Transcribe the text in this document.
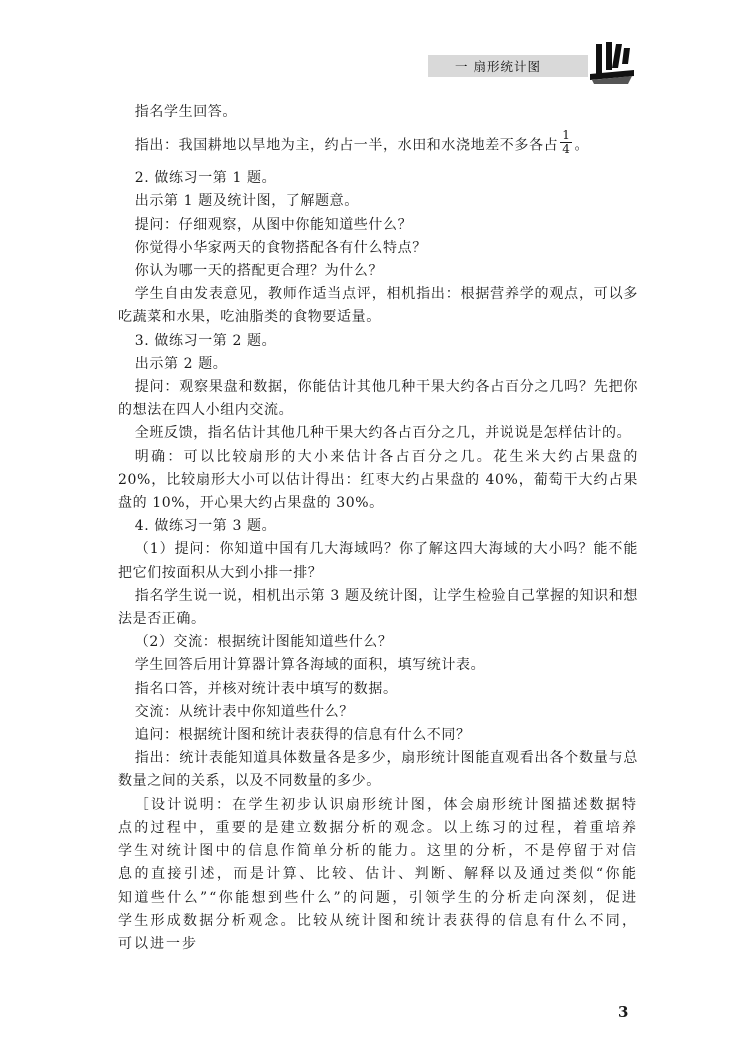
一 扇形统计图

指名学生回答。

指出：我国耕地以旱地为主，约占一半，水田和水浇地差不多各占 $\frac{1}{4}$ 。

2. 做练习一第 1 题。

出示第 1 题及统计图，了解题意。

提问：仔细观察，从图中你能知道些什么？

你觉得小华家两天的食物搭配各有什么特点？

你认为哪一天的搭配更合理？为什么？

学生自由发表意见，教师作适当点评，相机指出：根据营养学的观点，可以多吃蔬菜和水果，吃油脂类的食物要适量。

3. 做练习一第 2 题。

出示第 2 题。

提问：观察果盘和数据，你能估计其他几种干果大约各占百分之几吗？先把你的想法在四人小组内交流。

全班反馈，指名估计其他几种干果大约各占百分之几，并说说是怎样估计的。

明确：可以比较扇形的大小来估计各占百分之几。花生米大约占果盘的 20%，比较扇形大小可以估计得出：红枣大约占果盘的 40%，葡萄干大约占果盘的 10%，开心果大约占果盘的 30%。

4. 做练习一第 3 题。

（1）提问：你知道中国有几大海域吗？你了解这四大海域的大小吗？能不能把它们按面积从大到小排一排？

指名学生说一说，相机出示第 3 题及统计图，让学生检验自己掌握的知识和想法是否正确。

（2）交流：根据统计图能知道些什么？

学生回答后用计算器计算各海域的面积，填写统计表。

指名口答，并核对统计表中填写的数据。

交流：从统计表中你知道些什么？

追问：根据统计图和统计表获得的信息有什么不同？

指出：统计表能知道具体数量各是多少，扇形统计图能直观看出各个数量与总数量之间的关系，以及不同数量的多少。

［设计说明：在学生初步认识扇形统计图，体会扇形统计图描述数据特点的过程中，重要的是建立数据分析的观念。以上练习的过程，着重培养学生对统计图中的信息作简单分析的能力。这里的分析，不是停留于对信息的直接引述，而是计算、比较、估计、判断、解释以及通过类似“你能知道些什么”“你能想到些什么”的问题，引领学生的分析走向深刻，促进学生形成数据分析观念。比较从统计图和统计表获得的信息有什么不同，可以进一步

3
